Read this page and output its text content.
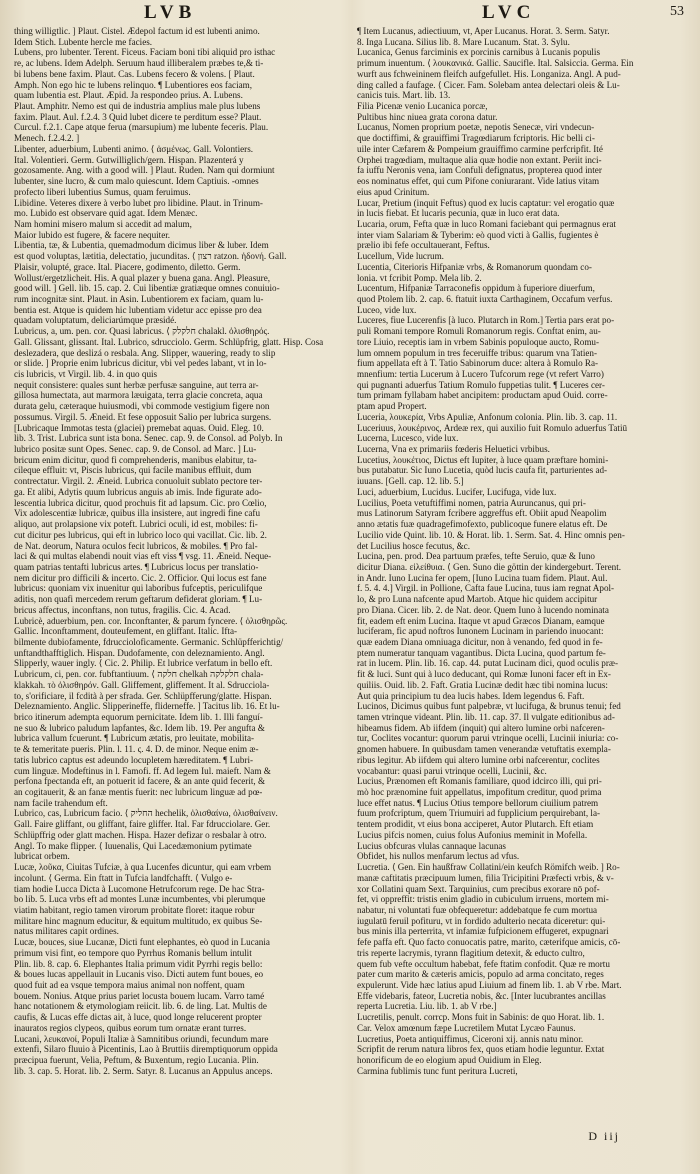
LVB	LVC	53

thing willigtlic. ] Plaut. Cistel. Ædepol factum id est lubenti animo.

Idem Stich. Lubente hercle me facies.

Lubens, pro lubenter. Terent. Ficeus. Faciam boni tibi aliquid pro isthac

re, ac lubens. Idem Adelph. Seruum haud illiberalem præbes te,& ti-

bi lubens bene faxim. Plaut. Cas. Lubens fecero & volens. [ Plaut.

Amph. Non ego hic te lubens relinquo. ¶ Lubentiores eos faciam,

quam lubentia est. Plaut. Æpid. Ja respondeo prius. A. Lubens.

Plaut. Amphitr. Nemo est qui de industria amplius male plus lubens

faxim. Plaut. Aul. f.2.4. 3 Quid lubet dicere te perditum esse? Plaut.

Curcul. f.2.1. Cape atque ferua (marsupium) me lubente feceris. Plau.

Menech. f.2.4.2. ]

Libenter, aduerbium, Lubenti animo. ⟨ ἀσμένως. Gall. Volontiers.

Ital. Volentieri. Germ. Gutwilliglich/gern. Hispan. Plazenterá y

gozosamente. Ang. with a good will. ] Plaut. Ruden. Nam qui dormiunt

lubenter, sine lucro, & cum malo quiescunt. Idem Captiuis. -omnes

profecto liberi lubentius Sumus, quam feruimus.

Libidine. Veteres dixere à verbo lubet pro libidine. Plaut. in Trinum-

mo. Lubido est observare quid agat. Idem Menæc.

Nam homini misero malum si accedit ad malum,

Maior lubido est fugere, & facere nequiter.

Libentia, tæ, & Lubentia, quemadmodum dicimus liber & luber. Idem

est quod voluptas, lætitia, delectatio, jucunditas. ⟨ רצון ratzon. ἡδονή. Gall.

Plaisir, volupté, grace. Ital. Piacere, godimento, diletto. Germ.

Wollust/ergetzlicheit. His. A qual plazer y buena gana. Angl. Pleasure,

good will. ] Gell. lib. 15. cap. 2. Cui libentiæ gratiæque omnes conuiuio-

rum incognitæ sint. Plaut. in Asin. Lubentiorem ex faciam, quam lu-

bentia est. Atque is quidem hic lubentiam videtur acc episse pro dea

quadam voluptatum, deliciarúmque præsidé.

Lubricus, a, um. pen. cor. Quasi labricus. ⟨ חלקלק chalakl. ὀλισθηρός.

Gall. Glissant, glissant. Ital. Lubrico, sdrucciolo. Germ. Schlüpfrig, glatt. Hisp. Cosa

deslezadera, que deslizá o resbala. Ang. Slipper, wauering, ready to slip

or slide. ] Proprie enim lubricus dicitur, vbi vel pedes labant, vt in lo-

cis lubricis, vt Virgil. lib. 4. in quo quis

nequit consistere: quales sunt herbæ perfusæ sanguine, aut terra ar-

gillosa humectata, aut marmora læuigata, terra glacie concreta, aqua

durata gelu, cæteraque huiusmodi, vbi commode vestigium figere non

possumus. Virgil. 5. Æneid. Et fese opposuit Salio per lubrica surgens.

[Lubricaque Immotas testa (glaciei) premebat aquas. Ouid. Eleg. 10.

lib. 3. Trist. Lubrica sunt ista bona. Senec. cap. 9. de Consol. ad Polyb. In

lubrico positæ sunt Opes. Senec. cap. 9. de Consol. ad Marc. ] Lu-

bricum enim dicitur, quod fi comprehenderis, manibus elabitur, ta-

cileque effluit: vt, Piscis lubricus, qui facile manibus effluit, dum

contrectatur. Virgil. 2. Æneid. Lubrica conuoluit sublato pectore ter-

ga. Et alibi, Adytis quum lubricus anguis ab imis. Inde figurate ado-

lescentia lubrica dicitur, quod prochuis fit ad lapsum. Cic. pro Cœlio,

Vix adolescentiæ lubricæ, quibus illa insistere, aut ingredi fine cafu

aliquo, aut prolapsione vix poteft. Lubrici oculi, id est, mobiles: fi-

cut dicitur pes lubricus, qui eft in lubrico loco qui vacillat. Cic. lib. 2.

de Nat. deorum, Natura oculos fecit lubricos, & mobiles. ¶ Pro fal-

laci & qui multas elabendi nouit vias eft viss ¶ vsg. 11. Æneid. Neque-

quam patrias tentafti lubricus artes. ¶ Lubricus locus per translatio-

nem dicitur pro difficili & incerto. Cic. 2. Officior. Qui locus est fane

lubricus: quoniam vix inuenitur qui laboribus fufceptis, periculifque

aditis, non quafi mercedem rerum geftarum defiderat gloriam. ¶ Lu-

bricus affectus, inconftans, non tutus, fragilis. Cic. 4. Acad.

Lubricè, aduerbium, pen. cor. Inconftanter, & parum fyncere. ⟨ ὀλισθηρῶς.

Gallic. Inconftamment, douteufement, en gliffant. Italic. Ifta-

bilmente dubiofamente, fdruccioloficamente. Germanic. Schlüpfferichtig/

unftandthafftiglich. Hispan. Dudofamente, con deleznamiento. Angl.

Slipperly, wauer ingly. ⟨ Cic. 2. Philip. Et lubrice verfatum in bello eft.

Lubricum, ci, pen. cor. fubftantiuum. ⟨ חלקה chelkah חלקלקה chala-

klakkah. τὸ ὀλισθηρόν. Gall. Gliffement, gliffement. It al. Sdrucciola-

to, s'orificiare, il fcdità à per sfrada. Ger. Schlüpfferung/glatte. Hispan.

Deleznamiento. Anglic. Slipperineffe, fliderneffe. ] Tacitus lib. 16. Et lu-

brico itinerum adempta equorum pernicitate. Idem lib. 1. Illi fanguí-

ne suo & lubrico paludum lapfantes, &c. Idem lib. 19. Per angufta &

lubrica vallum fcuerunt. ¶ Lubricum ætatis, pro leuitate, mobilita-

te & temeritate pueris. Plin. l. 11. ς. 4. D. de minor. Neque enim æ-

tatis lubrico captus est adeundo locupletem hæreditatem. ¶ Lubri-

cum linguæ. Modeftinus in l. Famofi. ff. Ad legem Iul. maieft. Nam &

perfona fpectanda eft, an potuerit id facere, & an ante quid fecerit, &

an cogitauerit, & an fanæ mentis fuerit: nec lubricum linguæ ad pœ-

nam facile trahendum eft.

Lubrico, cas, Lubricum facio. ⟨ החליק hechelik, ὀλισθαίνω, ὀλισθαίνειν.

Gall. Faire gliffant, ou gliffant, faire gliffer. Ital. Far fdrucciolare. Ger.

Schlüpffrig oder glatt machen. Hispa. Hazer defizar o resbalar à otro.

Angl. To make flipper. ⟨ Iuuenalis, Qui Lacedæmonium pytimate

lubricat orbem.

Lucæ, λοῦκα, Ciuitas Tufciæ, à qua Lucenfes dicuntur, qui eam vrbem

incolunt. ⟨ Germa. Ein ftatt in Tufcia landfchafft. ⟨ Vulgo e-

tiam hodie Lucca Dicta à Lucomone Hetrufcorum rege. De hac Stra-

bo lib. 5. Luca vrbs eft ad montes Lunæ incumbentes, vbi plerumque

viatim habitant, regio tamen virorum probitate floret: itaque robur

militare hinc magnum educitur, & equitum multitudo, ex quibus Se-

natus militares capit ordines.

Lucæ, bouces, siue Lucanæ, Dicti funt elephantes, eò quod in Lucania

primum visi fint, eo tempore quo Pyrrhus Romanis bellum intulit

Plin. lib. 8. cap. 6. Elephantes Italia primum vidit Pyrrhi regis bello:

& boues lucas appellauit in Lucanis viso. Dicti autem funt boues, eo

quod fuit ad ea vsque tempora maius animal non noffent, quam

bouem. Nonius. Atque prius pariet locusta bouem lucam. Varro tamé

hanc notationem & etymologiam reiicit. lib. 6. de ling. Lat. Multis de

caufis, & Lucas effe dictas ait, à luce, quod longe relucerent propter

inauratos regios clypeos, quibus eorum tum ornatæ erant turres.

Lucani, λευκανοί, Populi Italiæ à Samnitibus oriundi, fecundum mare

extenfi, Silaro fluuio à Picentinis, Lao à Bruttiis diremptiquorum oppida

præcipua fuerunt, Velia, Peftum, & Buxentum, regio Lucania. Plin.

lib. 3. cap. 5. Horat. lib. 2. Serm. Satyr. 8. Lucanus an Appulus anceps.

¶ Item Lucanus, adiectiuum, vt, Aper Lucanus. Horat. 3. Serm. Satyr.

8. Inga Lucana. Silius lib. 8. Mare Lucanum. Stat. 3. Sylu.

Lucanica, Genus farciminis ex porcinis carnibus à Lucanis populis

primum inuentum. ⟨ λουκανικά. Gallic. Saucifle. Ital. Salsiccia. Germa. Ein

wurft aus fchweininem fleifch aufgefullet. His. Longaniza. Angl. A pud-

ding called a faufage. ⟨ Cicer. Fam. Solebam antea delectari oleis & Lu-

canicis tuis. Mart. lib. 13.

Filia Picenæ venio Lucanica porcæ,

Pultibus hinc niuea grata corona datur.

Lucanus, Nomen proprium poetæ, nepotis Senecæ, viri vndecun-

que doctiffimi, & grauiffimi Tragœdiarum fcriptoris. Hic belli ci-

uile inter Cæfarem & Pompeium grauiffimo carmine perfcripfit. Ité

Orphei tragœdiam, multaque alia quæ hodie non extant. Periit inci-

fa iuffu Neronis vena, iam Confuli defignatus, propterea quod inter

eos nominatus effet, qui cum Pifone coniurarant. Vide latius vitam

eius apud Crinitum.

Lucar, Pretium (inquit Feftus) quod ex lucis captatur: vel erogatio quæ

in lucis fiebat. Et lucaris pecunia, quæ in luco erat data.

Lucaria, orum, Fefta quæ in luco Romani faciebant qui permagnus erat

inter viam Salariam & Tyberim: eò quod victi à Gallis, fugientes è

prælio ibi fefe occultauerant, Feftus.

Lucellum, Vide lucrum.

Lucentia, Citerioris Hifpaniæ vrbs, & Romanorum quondam co-

lonia. vt fcribit Pomp. Mela lib. 2.

Lucentum, Hifpaniæ Tarraconefis oppidum à fuperiore diuerfum,

quod Ptolem lib. 2. cap. 6. ftatuit iuxta Carthaginem, Occafum verfus.

Luceo, vide lux.

Luceres, fiue Lucerenfis [à luco. Plutarch in Rom.] Tertia pars erat po-

puli Romani tempore Romuli Romanorum regis. Conftat enim, au-

tore Liuio, receptis iam in vrbem Sabinis populoque aucto, Romu-

lum omnem populum in tres feceruiffe tribus: quarum vna Tatien-

fium appellata eft à T. Tatio Sabinorum duce: altera à Romulo Ra-

mnenfium: tertia Lucerum à Lucero Tufcorum rege (vt refert Varro)

qui pugnanti aduerfus Tatium Romulo fuppetias tulit. ¶ Luceres cer-

tum primam fyllabam habet ancipitem: productam apud Ouid. corre-

ptam apud Propert.

Luceria, λουκερία, Vrbs Apuliæ, Anfonum colonia. Plin. lib. 3. cap. 11.

Luceriuus, λουκέρινος, Ardeæ rex, qui auxilio fuit Romulo aduerfus Tatiū

Lucerna, Lucesco, vide lux.

Lucerna, Vna ex primariis fœderis Heluetici vrbibus.

Lucetius, λουκέτιος, Dictus eft Iupiter, à luce quam præftare homini-

bus putabatur. Sic Iuno Lucetia, quòd lucis caufa fit, parturientes ad-

iuuans. [Gell. cap. 12. lib. 5.]

Luci, aduerbium, Lucidus. Lucifer, Lucifuga, vide lux.

Lucilius, Poeta vetuftiffimi nomen, patria Auruncanus, qui pri-

mus Latinorum Satyram fcribere aggreffus eft. Obiit apud Neapolim

anno ætatis fuæ quadragefimofexto, publicoque funere elatus eft. De

Lucilio vide Quint. lib. 10. & Horat. lib. 1. Serm. Sat. 4. Hinc omnis pen-

det Lucilius hosce fecutus, &c.

Lucina, pen. prod. Dea partuum præfes, tefte Seruio, quæ & Iuno

dicitur Diana. εἰλείθυια. ⟨ Gen. Suno die göttin der kindergeburt. Terent.

in Andr. Iuno Lucina fer opem, [Iuno Lucina tuam fidem. Plaut. Aul.

f. 5. 4. 4.] Virgil. in Pollione, Cafta faue Lucina, tuus iam regnat Apol-

lo, & pro Luna nafcente apud Martob. Atque hic quidem accipitur

pro Diana. Cicer. lib. 2. de Nat. deor. Quem Iuno à lucendo nominata

fit, eadem eft enim Lucina. Itaque vt apud Græcos Dianam, eamque

luciferam, fic apud noftros Iunonem Lucinam in pariendo inuocant:

quæ eadem Diana omniuaga dicitur, non à venando, fed quod in fe-

ptem numeratur tanquam vagantibus. Dicta Lucina, quod partum fe-

rat in lucem. Plin. lib. 16. cap. 44. putat Lucinam dici, quod oculis præ-

fit & luci. Sunt qui à luco deducant, qui Romæ Iunoni facer eft in Ex-

quiliis. Ouid. lib. 2. Faft. Gratia Lucinæ dedit hæc tibi nomina lucus:

Aut quia principium tu dea lucis habes. Idem legendus 6. Faft.

Lucinos, Dicimus quibus funt palpebræ, vt lucifuga, & brunus tenui; fed

tamen vtrinque videant. Plin. lib. 11. cap. 37. Il vulgate editionibus ad-

hibeamus fidem. Ab iifdem (inquit) qui altero lumine orbi nafceren-

tur, Coclites vocantur: quorum parui vtrinque ocelli, Lucinii iniuria: co-

gnomen habuere. In quibusdam tamen venerandæ vetuftatis exempla-

ribus legitur. Ab iifdem qui altero lumine orbi nafcerentur, coclites

vocabantur: quasi parui vtrinque ocelli, Lucinii, &c.

Lucius, Prænomen eft Romanis familiare, quod idcirco illi, qui pri-

mò hoc prænomine fuit appellatus, impofitum creditur, quod prima

luce effet natus. ¶ Lucius Otius tempore bellorum ciuilium patrem

fuum profcriptum, quem Triumuiri ad fupplicium perquirebant, la-

tentem prodidit, vt eius bona acciperet, Autor Plutarch. Eft etiam

Lucius pifcis nomen, cuius folus Aufonius meminit in Mofella.

Lucius obfcuras vlulas cannaque lacunas

Obfidet, his nullos menfarum lectus ad vfus.

Lucretia. ⟨ Gen. Ein haußfraw Collatini/ein keufch Römifch weib. ] Ro-

manæ caftitatis præcipuum lumen, filia Tricipitini Præfecti vrbis, & v-

xor Collatini quam Sext. Tarquinius, cum precibus exorare nō pof-

fet, vi oppreffit: tristis enim gladio in cubiculum irruens, mortem mi-

nabatur, ni voluntati fuæ obfequeretur: addebatque fe cum mortua

iugulatū feruil pofituru, vt in fordido adulterio necata diceretur: qui-

bus minis illa perterrita, vt infamiæ fufpicionem effugeret, expugnari

fefe paffa eft. Quo facto conuocatis patre, marito, cæterifque amicis, cō-

tris reperte lacrymis, tyrann flagitium detexit, & educto cultro,

quem fub vefte occultum habebat, fefe ftatim confodit. Quæ re mortu

pater cum marito & cæteris amicis, populo ad arma concitato, reges

expulerunt. Vide hæc latius apud Liuium ad finem lib. 1. ab V rbe. Mart.

Effe videbaris, fateor, Lucretia nobis, &c. [Inter lucubrantes ancillas

reperta Lucretia. Liu. lib. 1. ab V rbe.]

Lucretilis, penult. corrcp. Mons fuit in Sabinis: de quo Horat. lib. 1.

Car. Velox amœnum fæpe Lucretilem Mutat Lycæo Faunus.

Lucretius, Poeta antiquiffimus, Ciceroni xij. annis natu minor.

Scripfit de rerum natura libros fex, quos etiam hodie leguntur. Extat

honorificum de eo elogium apud Ouidium in Eleg.

Carmina fublimis tunc funt peritura Lucreti,

D iij
